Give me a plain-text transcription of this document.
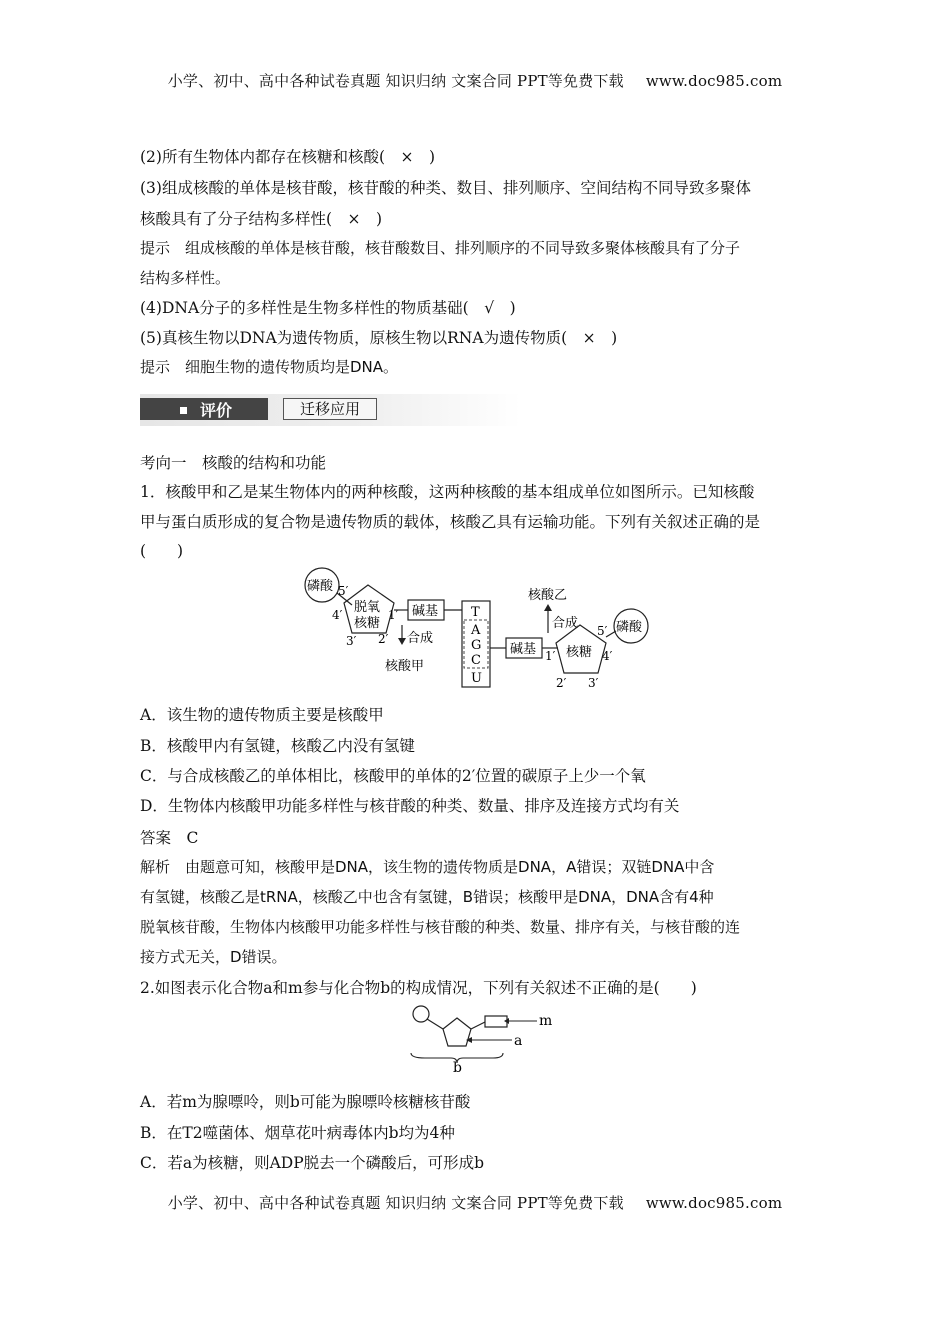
小学、初中、高中各种试卷真题 知识归纳 文案合同 PPT等免费下载 www.doc985.com
(2)所有生物体内都存在核糖和核酸(　×　)
(3)组成核酸的单体是核苷酸，核苷酸的种类、数目、排列顺序、空间结构不同导致多聚体
核酸具有了分子结构多样性(　×　)
提示　组成核酸的单体是核苷酸，核苷酸数目、排列顺序的不同导致多聚体核酸具有了分子
结构多样性。
(4)DNA分子的多样性是生物多样性的物质基础(　√　)
(5)真核生物以DNA为遗传物质，原核生物以RNA为遗传物质(　×　)
提示　细胞生物的遗传物质均是DNA。
评价	迁移应用
考向一　核酸的结构和功能
1．核酸甲和乙是某生物体内的两种核酸，这两种核酸的基本组成单位如图所示。已知核酸
甲与蛋白质形成的复合物是遗传物质的载体，核酸乙具有运输功能。下列有关叙述正确的是
(　　)
磷酸 5′
脱氧
核糖
4′
3′ 2′
1′ 碱基
合成
核酸甲
T
A
G
C
U
碱基
核酸乙
合成
1′ 核糖
2′ 3′
4′
5′ 磷酸
A．该生物的遗传物质主要是核酸甲
B．核酸甲内有氢键，核酸乙内没有氢键
C．与合成核酸乙的单体相比，核酸甲的单体的2′位置的碳原子上少一个氧
D．生物体内核酸甲功能多样性与核苷酸的种类、数量、排序及连接方式均有关
答案　C
解析　由题意可知，核酸甲是DNA，该生物的遗传物质是DNA，A错误；双链DNA中含
有氢键，核酸乙是tRNA，核酸乙中也含有氢键，B错误；核酸甲是DNA，DNA含有4种
脱氧核苷酸，生物体内核酸甲功能多样性与核苷酸的种类、数量、排序有关，与核苷酸的连
接方式无关，D错误。
2.如图表示化合物a和m参与化合物b的构成情况，下列有关叙述不正确的是(　　)
m
a
b
A．若m为腺嘌呤，则b可能为腺嘌呤核糖核苷酸
B．在T2噬菌体、烟草花叶病毒体内b均为4种
C．若a为核糖，则ADP脱去一个磷酸后，可形成b
小学、初中、高中各种试卷真题 知识归纳 文案合同 PPT等免费下载 www.doc985.com
